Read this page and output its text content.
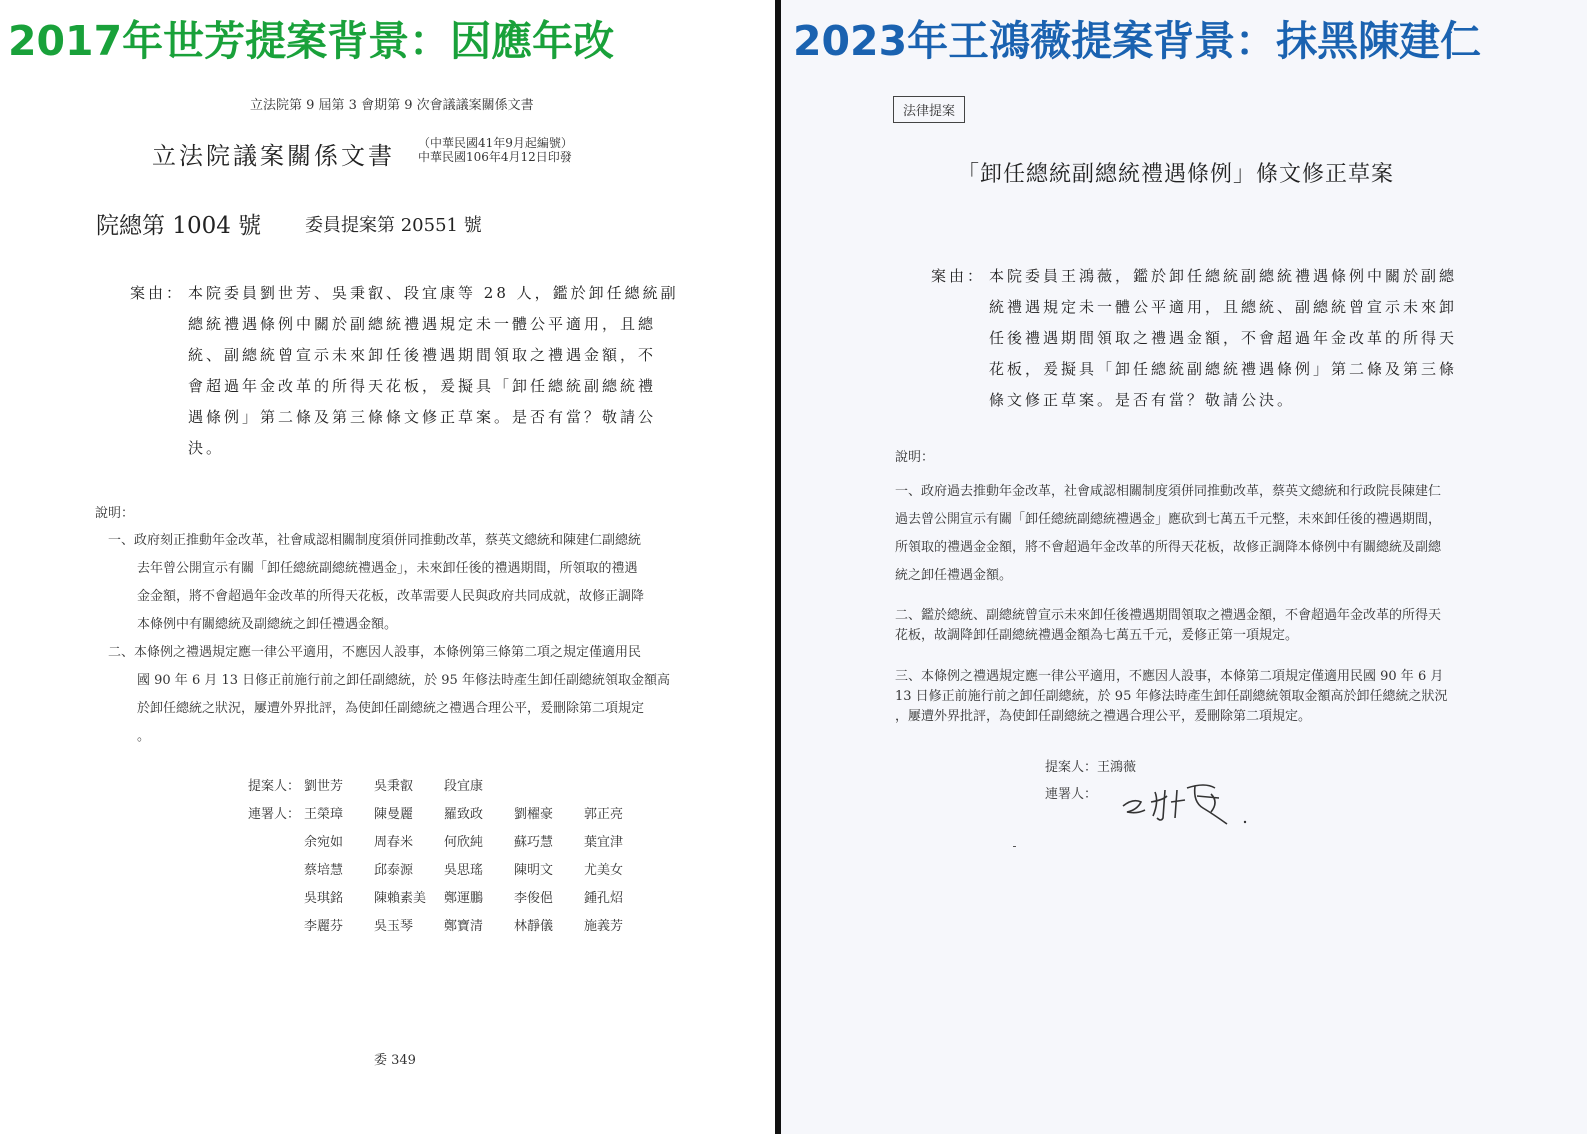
2017年世芳提案背景：因應年改
立法院第 9 屆第 3 會期第 9 次會議議案關係文書
立法院議案關係文書 （中華民國41年9月起編號）
中華民國106年4月12日印發
院總第 1004 號 委員提案第 20551 號
案由： 本院委員劉世芳、吳秉叡、段宜康等 28 人，鑑於卸任總統副
總統禮遇條例中關於副總統禮遇規定未一體公平適用，且總
統、副總統曾宣示未來卸任後禮遇期間領取之禮遇金額，不
會超過年金改革的所得天花板，爰擬具「卸任總統副總統禮
遇條例」第二條及第三條條文修正草案。是否有當？敬請公
決。
說明：
一、政府刻正推動年金改革，社會咸認相關制度須併同推動改革，蔡英文總統和陳建仁副總統
去年曾公開宣示有關「卸任總統副總統禮遇金」，未來卸任後的禮遇期間，所領取的禮遇
金金額，將不會超過年金改革的所得天花板，改革需要人民與政府共同成就，故修正調降
本條例中有關總統及副總統之卸任禮遇金額。
二、本條例之禮遇規定應一律公平適用，不應因人設事，本條例第三條第二項之規定僅適用民
國 90 年 6 月 13 日修正前施行前之卸任副總統，於 95 年修法時產生卸任副總統領取金額高
於卸任總統之狀況，屢遭外界批評，為使卸任副總統之禮遇合理公平，爰刪除第二項規定
。
提案人： 劉世芳 吳秉叡 段宜康
連署人： 王榮璋 陳曼麗 羅致政 劉櫂豪 郭正亮
余宛如 周春米 何欣純 蘇巧慧 葉宜津
蔡培慧 邱泰源 吳思瑤 陳明文 尤美女
吳琪銘 陳賴素美 鄭運鵬 李俊俋 鍾孔炤
李麗芬 吳玉琴 鄭寶清 林靜儀 施義芳
委 349
2023年王鴻薇提案背景：抹黑陳建仁
法律提案
「卸任總統副總統禮遇條例」條文修正草案
案由： 本院委員王鴻薇，鑑於卸任總統副總統禮遇條例中關於副總
統禮遇規定未一體公平適用，且總統、副總統曾宣示未來卸
任後禮遇期間領取之禮遇金額，不會超過年金改革的所得天
花板，爰擬具「卸任總統副總統禮遇條例」第二條及第三條
條文修正草案。是否有當？敬請公決。
說明：
一、政府過去推動年金改革，社會咸認相關制度須併同推動改革，蔡英文總統和行政院長陳建仁
過去曾公開宣示有關「卸任總統副總統禮遇金」應砍到七萬五千元整，未來卸任後的禮遇期間，
所領取的禮遇金金額，將不會超過年金改革的所得天花板，故修正調降本條例中有關總統及副總
統之卸任禮遇金額。
二、鑑於總統、副總統曾宣示未來卸任後禮遇期間領取之禮遇金額，不會超過年金改革的所得天
花板，故調降卸任副總統禮遇金額為七萬五千元，爰修正第一項規定。
三、本條例之禮遇規定應一律公平適用，不應因人設事，本條第二項規定僅適用民國 90 年 6 月
13 日修正前施行前之卸任副總統，於 95 年修法時產生卸任副總統領取金額高於卸任總統之狀況
，屢遭外界批評，為使卸任副總統之禮遇合理公平，爰刪除第二項規定。
提案人：王鴻薇
連署人：
